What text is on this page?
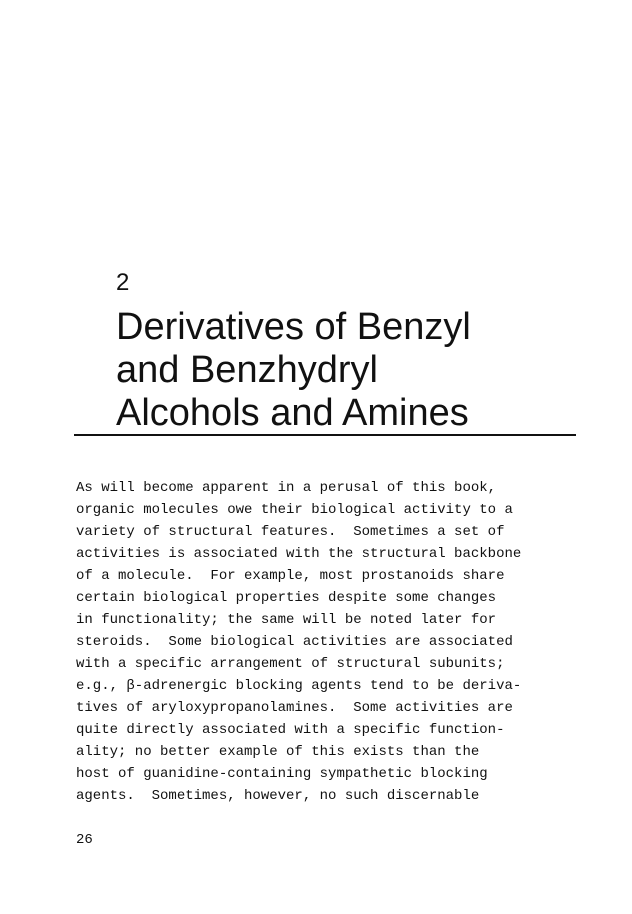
2
Derivatives of Benzyl
and Benzhydryl
Alcohols and Amines
As will become apparent in a perusal of this book,
organic molecules owe their biological activity to a
variety of structural features.  Sometimes a set of
activities is associated with the structural backbone
of a molecule.  For example, most prostanoids share
certain biological properties despite some changes
in functionality; the same will be noted later for
steroids.  Some biological activities are associated
with a specific arrangement of structural subunits;
e.g., β-adrenergic blocking agents tend to be deriva-
tives of aryloxypropanolamines.  Some activities are
quite directly associated with a specific function-
ality; no better example of this exists than the
host of guanidine-containing sympathetic blocking
agents.  Sometimes, however, no such discernable
26
